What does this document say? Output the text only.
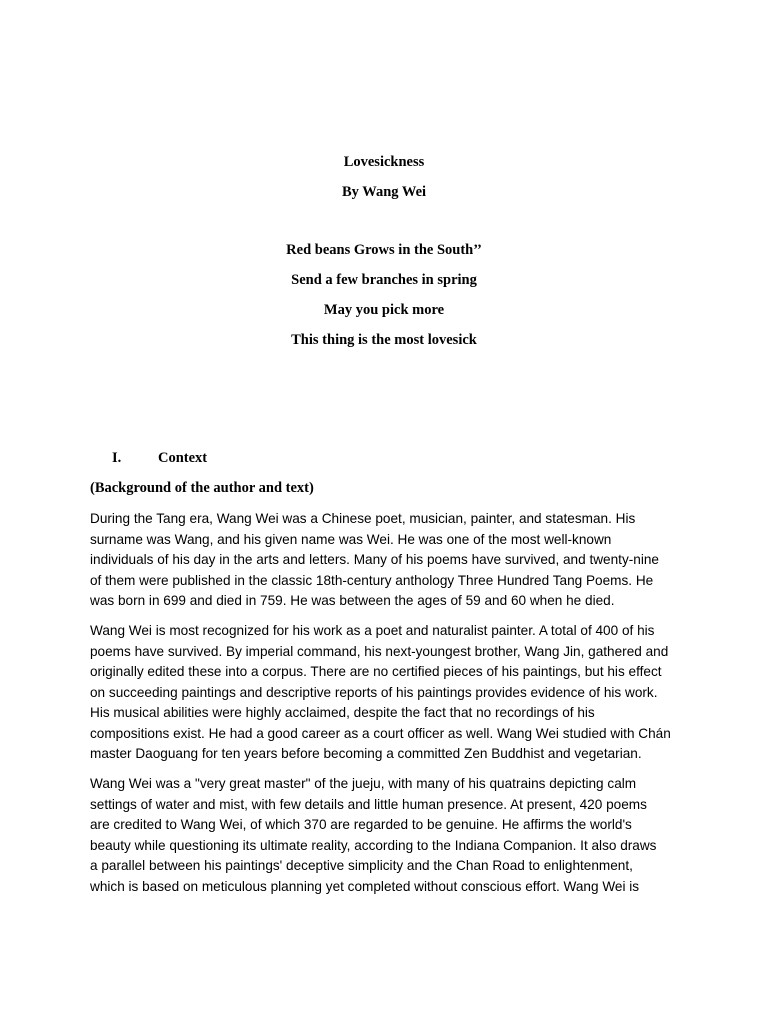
Lovesickness
By Wang Wei
Red beans Grows in the South’’
Send a few branches in spring
May you pick more
This thing is the most lovesick
I.	Context
(Background of the author and text)
During the Tang era, Wang Wei was a Chinese poet, musician, painter, and statesman. His
surname was Wang, and his given name was Wei. He was one of the most well-known
individuals of his day in the arts and letters. Many of his poems have survived, and twenty-nine
of them were published in the classic 18th-century anthology Three Hundred Tang Poems. He
was born in 699 and died in 759. He was between the ages of 59 and 60 when he died.
Wang Wei is most recognized for his work as a poet and naturalist painter. A total of 400 of his
poems have survived. By imperial command, his next-youngest brother, Wang Jin, gathered and
originally edited these into a corpus. There are no certified pieces of his paintings, but his effect
on succeeding paintings and descriptive reports of his paintings provides evidence of his work.
His musical abilities were highly acclaimed, despite the fact that no recordings of his
compositions exist. He had a good career as a court officer as well. Wang Wei studied with Chán
master Daoguang for ten years before becoming a committed Zen Buddhist and vegetarian.
Wang Wei was a "very great master" of the jueju, with many of his quatrains depicting calm
settings of water and mist, with few details and little human presence. At present, 420 poems
are credited to Wang Wei, of which 370 are regarded to be genuine. He affirms the world's
beauty while questioning its ultimate reality, according to the Indiana Companion. It also draws
a parallel between his paintings' deceptive simplicity and the Chan Road to enlightenment,
which is based on meticulous planning yet completed without conscious effort. Wang Wei is
